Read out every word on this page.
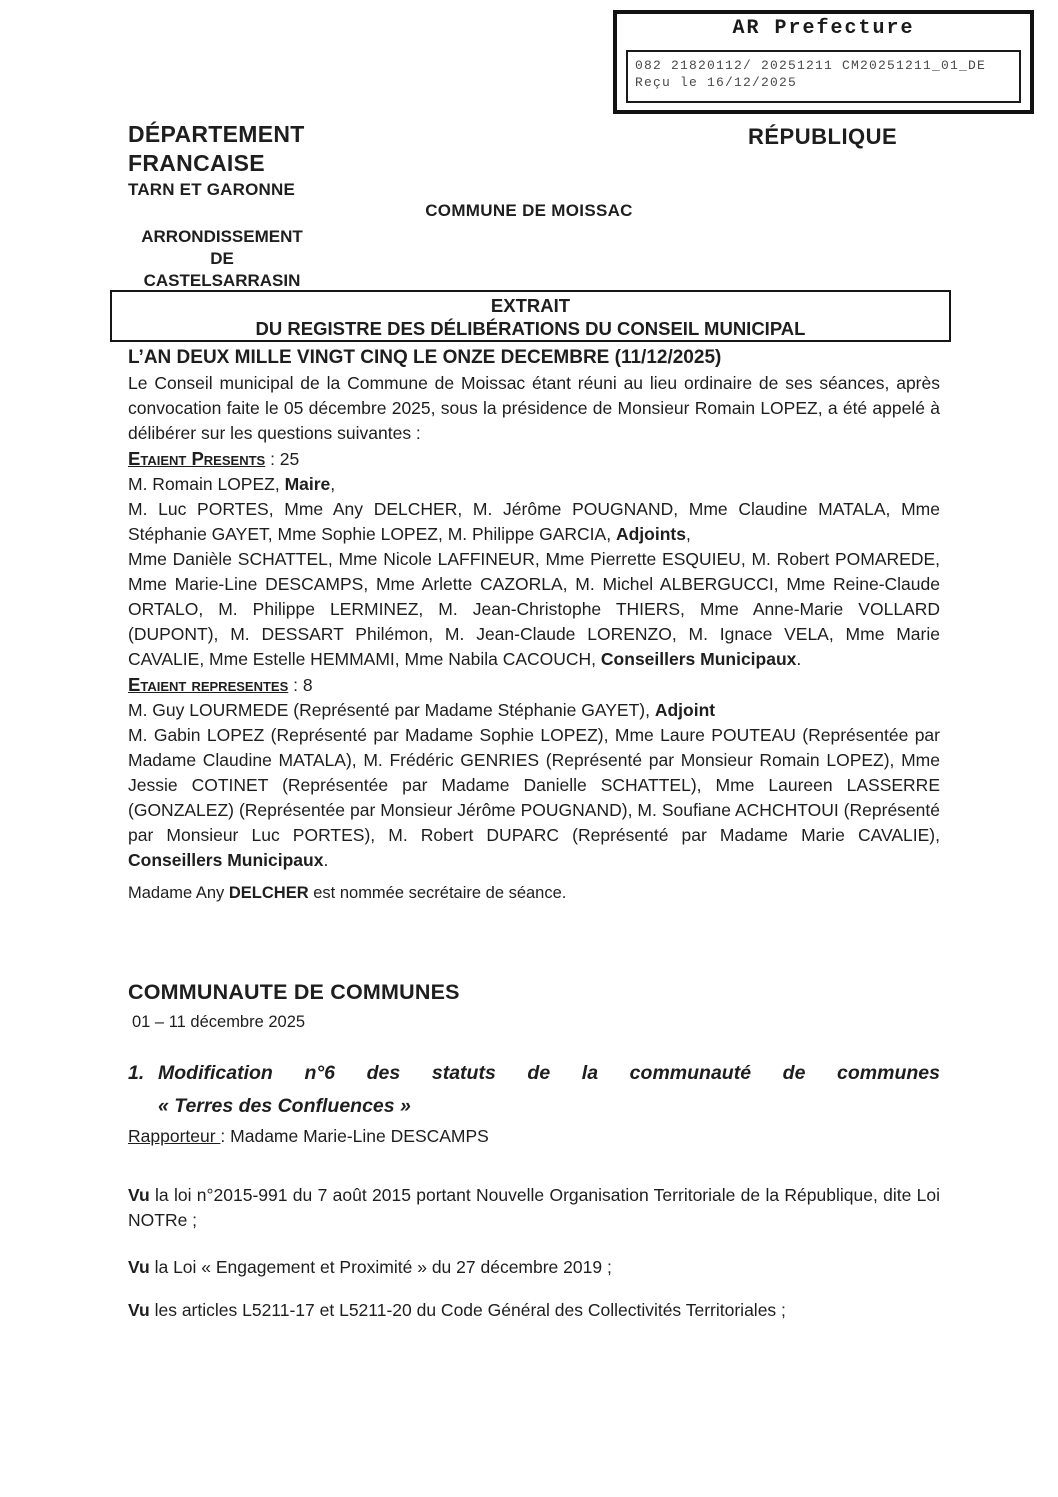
AR Prefecture
082 21820112/ 20251211 CM20251211_01_DE
Reçu le 16/12/2025
DÉPARTEMENT
FRANCAISE
TARN ET GARONNE
ARRONDISSEMENT
DE
CASTELSARRASIN
RÉPUBLIQUE
COMMUNE DE MOISSAC
EXTRAIT
DU REGISTRE DES DÉLIBÉRATIONS DU CONSEIL MUNICIPAL
L’AN DEUX MILLE VINGT CINQ LE ONZE DECEMBRE (11/12/2025)

Le Conseil municipal de la Commune de Moissac étant réuni au lieu ordinaire de ses séances, après convocation faite le 05 décembre 2025, sous la présidence de Monsieur Romain LOPEZ, a été appelé à délibérer sur les questions suivantes :

Etaient Presents : 25

M. Romain LOPEZ, Maire,

M. Luc PORTES, Mme Any DELCHER, M. Jérôme POUGNAND, Mme Claudine MATALA, Mme Stéphanie GAYET, Mme Sophie LOPEZ, M. Philippe GARCIA, Adjoints,

Mme Danièle SCHATTEL, Mme Nicole LAFFINEUR, Mme Pierrette ESQUIEU, M. Robert POMAREDE, Mme Marie-Line DESCAMPS, Mme Arlette CAZORLA, M. Michel ALBERGUCCI, Mme Reine-Claude ORTALO, M. Philippe LERMINEZ, M. Jean-Christophe THIERS, Mme Anne-Marie VOLLARD (DUPONT), M. DESSART Philémon, M. Jean-Claude LORENZO, M. Ignace VELA, Mme Marie CAVALIE, Mme Estelle HEMMAMI, Mme Nabila CACOUCH, Conseillers Municipaux.

Etaient representes : 8

M. Guy LOURMEDE (Représenté par Madame Stéphanie GAYET), Adjoint

M. Gabin LOPEZ (Représenté par Madame Sophie LOPEZ), Mme Laure POUTEAU (Représentée par Madame Claudine MATALA), M. Frédéric GENRIES (Représenté par Monsieur Romain LOPEZ), Mme Jessie COTINET (Représentée par Madame Danielle SCHATTEL), Mme Laureen LASSERRE (GONZALEZ) (Représentée par Monsieur Jérôme POUGNAND), M. Soufiane ACHCHTOUI (Représenté par Monsieur Luc PORTES), M. Robert DUPARC (Représenté par Madame Marie CAVALIE), Conseillers Municipaux.

Madame Any DELCHER est nommée secrétaire de séance.

COMMUNAUTE DE COMMUNES
01 – 11 décembre 2025
1. Modification n°6 des statuts de la communauté de communes
« Terres des Confluences »
Rapporteur : Madame Marie-Line DESCAMPS

Vu la loi n°2015-991 du 7 août 2015 portant Nouvelle Organisation Territoriale de la République, dite Loi NOTRe ;

Vu la Loi « Engagement et Proximité » du 27 décembre 2019 ;

Vu les articles L5211-17 et L5211-20 du Code Général des Collectivités Territoriales ;
